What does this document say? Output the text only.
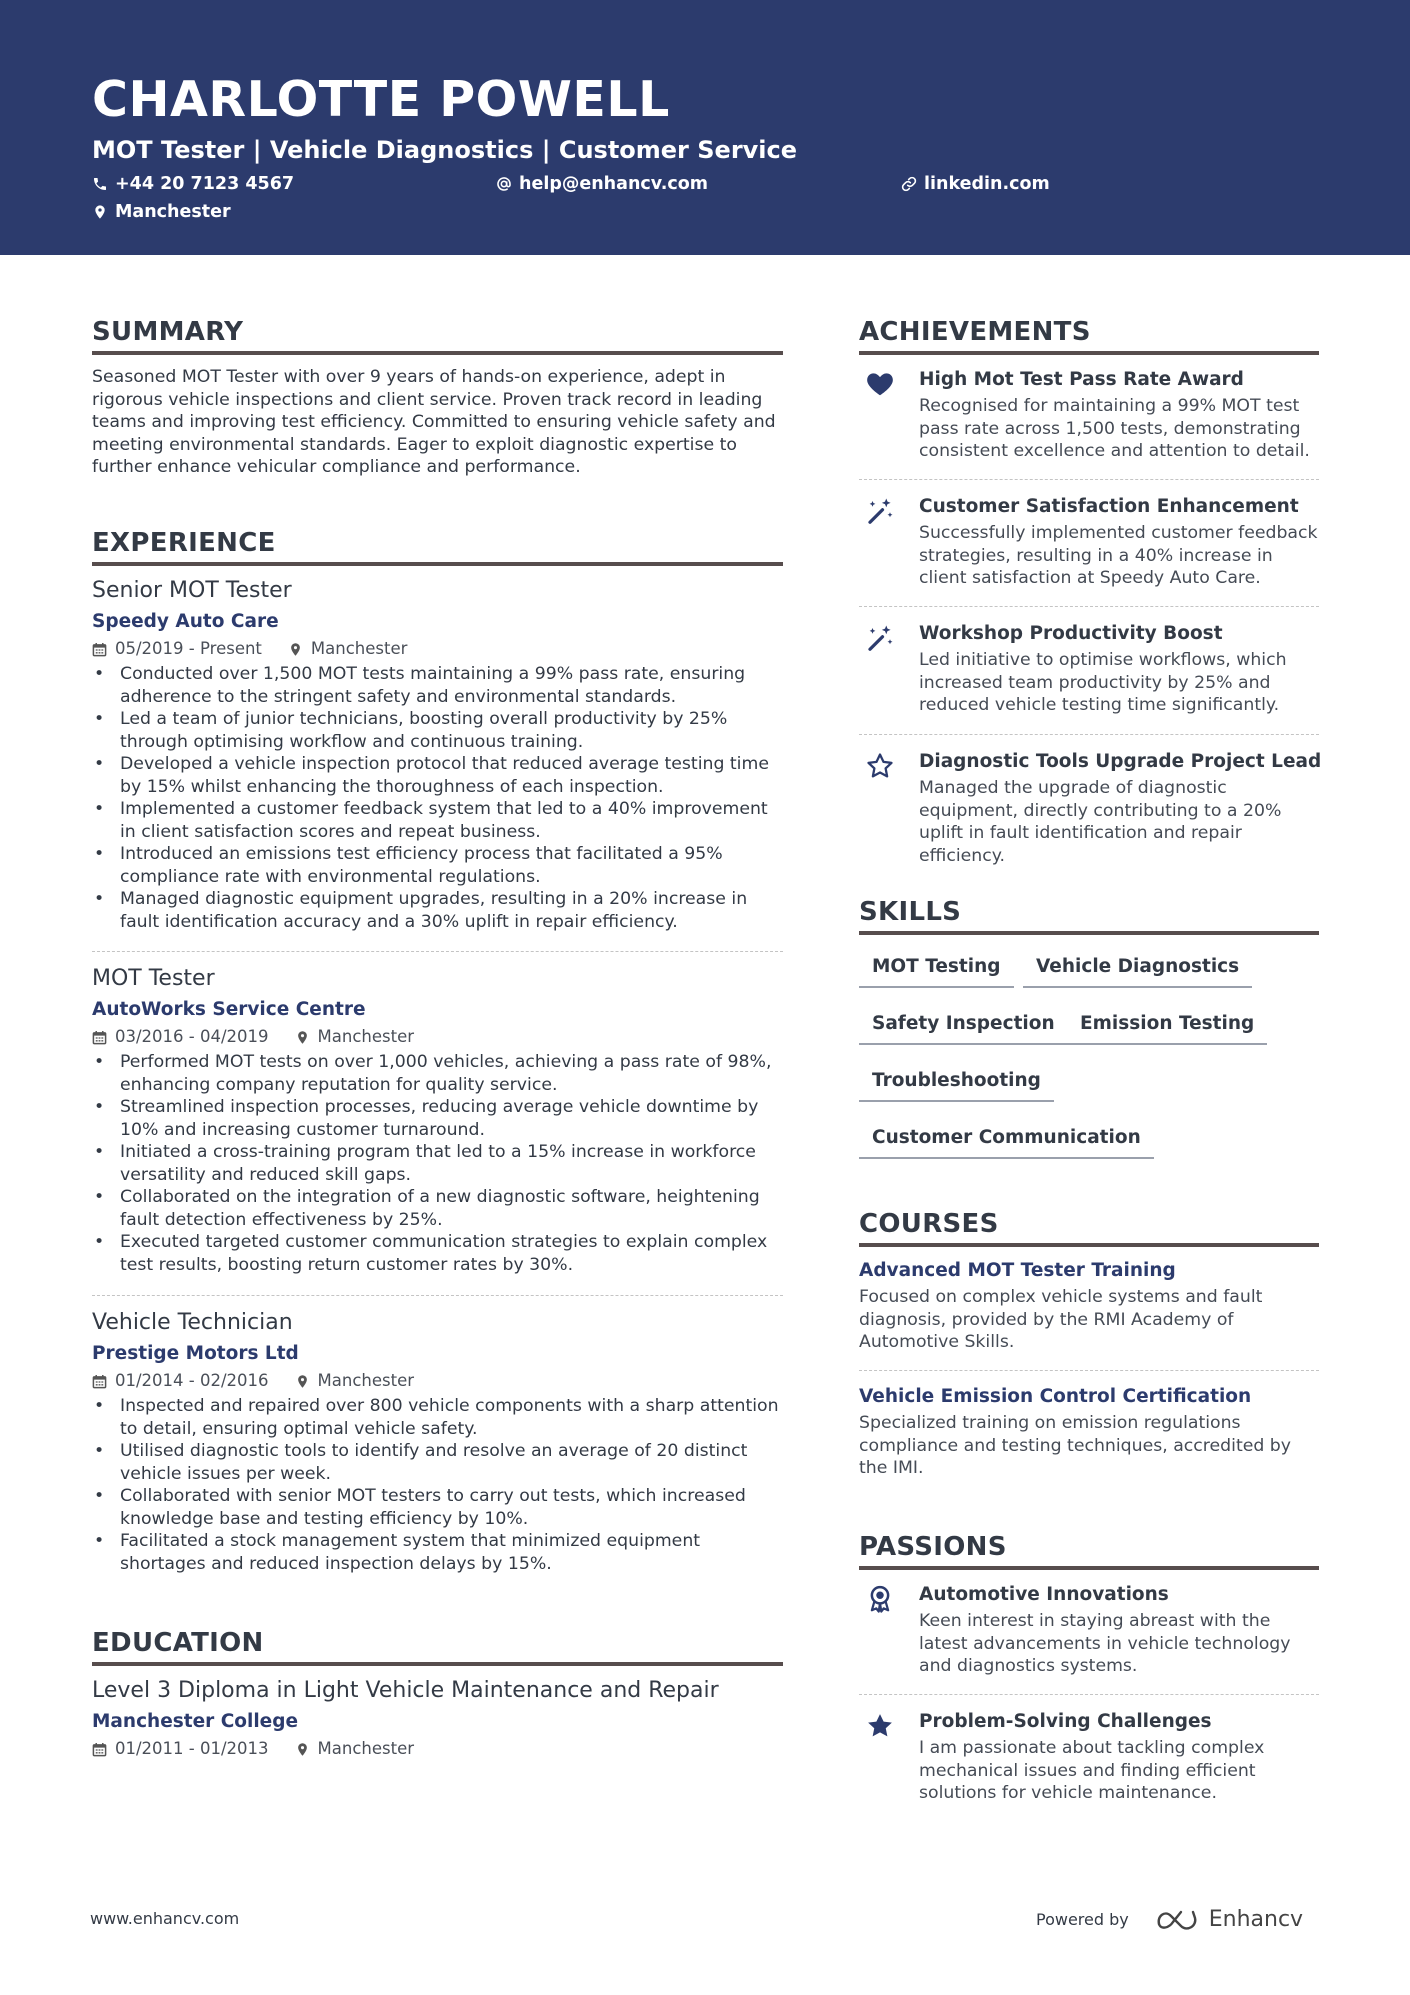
CHARLOTTE POWELL
MOT Tester | Vehicle Diagnostics | Customer Service
+44 20 7123 4567	help@enhancv.com	linkedin.com
Manchester
SUMMARY
Seasoned MOT Tester with over 9 years of hands-on experience, adept in rigorous vehicle inspections and client service. Proven track record in leading teams and improving test efficiency. Committed to ensuring vehicle safety and meeting environmental standards. Eager to exploit diagnostic expertise to further enhance vehicular compliance and performance.
EXPERIENCE
Senior MOT Tester
Speedy Auto Care
05/2019 - Present	Manchester
• Conducted over 1,500 MOT tests maintaining a 99% pass rate, ensuring adherence to the stringent safety and environmental standards.
• Led a team of junior technicians, boosting overall productivity by 25% through optimising workflow and continuous training.
• Developed a vehicle inspection protocol that reduced average testing time by 15% whilst enhancing the thoroughness of each inspection.
• Implemented a customer feedback system that led to a 40% improvement in client satisfaction scores and repeat business.
• Introduced an emissions test efficiency process that facilitated a 95% compliance rate with environmental regulations.
• Managed diagnostic equipment upgrades, resulting in a 20% increase in fault identification accuracy and a 30% uplift in repair efficiency.
MOT Tester
AutoWorks Service Centre
03/2016 - 04/2019	Manchester
• Performed MOT tests on over 1,000 vehicles, achieving a pass rate of 98%, enhancing company reputation for quality service.
• Streamlined inspection processes, reducing average vehicle downtime by 10% and increasing customer turnaround.
• Initiated a cross-training program that led to a 15% increase in workforce versatility and reduced skill gaps.
• Collaborated on the integration of a new diagnostic software, heightening fault detection effectiveness by 25%.
• Executed targeted customer communication strategies to explain complex test results, boosting return customer rates by 30%.
Vehicle Technician
Prestige Motors Ltd
01/2014 - 02/2016	Manchester
• Inspected and repaired over 800 vehicle components with a sharp attention to detail, ensuring optimal vehicle safety.
• Utilised diagnostic tools to identify and resolve an average of 20 distinct vehicle issues per week.
• Collaborated with senior MOT testers to carry out tests, which increased knowledge base and testing efficiency by 10%.
• Facilitated a stock management system that minimized equipment shortages and reduced inspection delays by 15%.
EDUCATION
Level 3 Diploma in Light Vehicle Maintenance and Repair
Manchester College
01/2011 - 01/2013	Manchester
ACHIEVEMENTS
High Mot Test Pass Rate Award
Recognised for maintaining a 99% MOT test pass rate across 1,500 tests, demonstrating consistent excellence and attention to detail.
Customer Satisfaction Enhancement
Successfully implemented customer feedback strategies, resulting in a 40% increase in client satisfaction at Speedy Auto Care.
Workshop Productivity Boost
Led initiative to optimise workflows, which increased team productivity by 25% and reduced vehicle testing time significantly.
Diagnostic Tools Upgrade Project Lead
Managed the upgrade of diagnostic equipment, directly contributing to a 20% uplift in fault identification and repair efficiency.
SKILLS
MOT Testing	Vehicle Diagnostics
Safety Inspection	Emission Testing
Troubleshooting
Customer Communication
COURSES
Advanced MOT Tester Training
Focused on complex vehicle systems and fault diagnosis, provided by the RMI Academy of Automotive Skills.
Vehicle Emission Control Certification
Specialized training on emission regulations compliance and testing techniques, accredited by the IMI.
PASSIONS
Automotive Innovations
Keen interest in staying abreast with the latest advancements in vehicle technology and diagnostics systems.
Problem-Solving Challenges
I am passionate about tackling complex mechanical issues and finding efficient solutions for vehicle maintenance.
www.enhancv.com	Powered by	Enhancv
